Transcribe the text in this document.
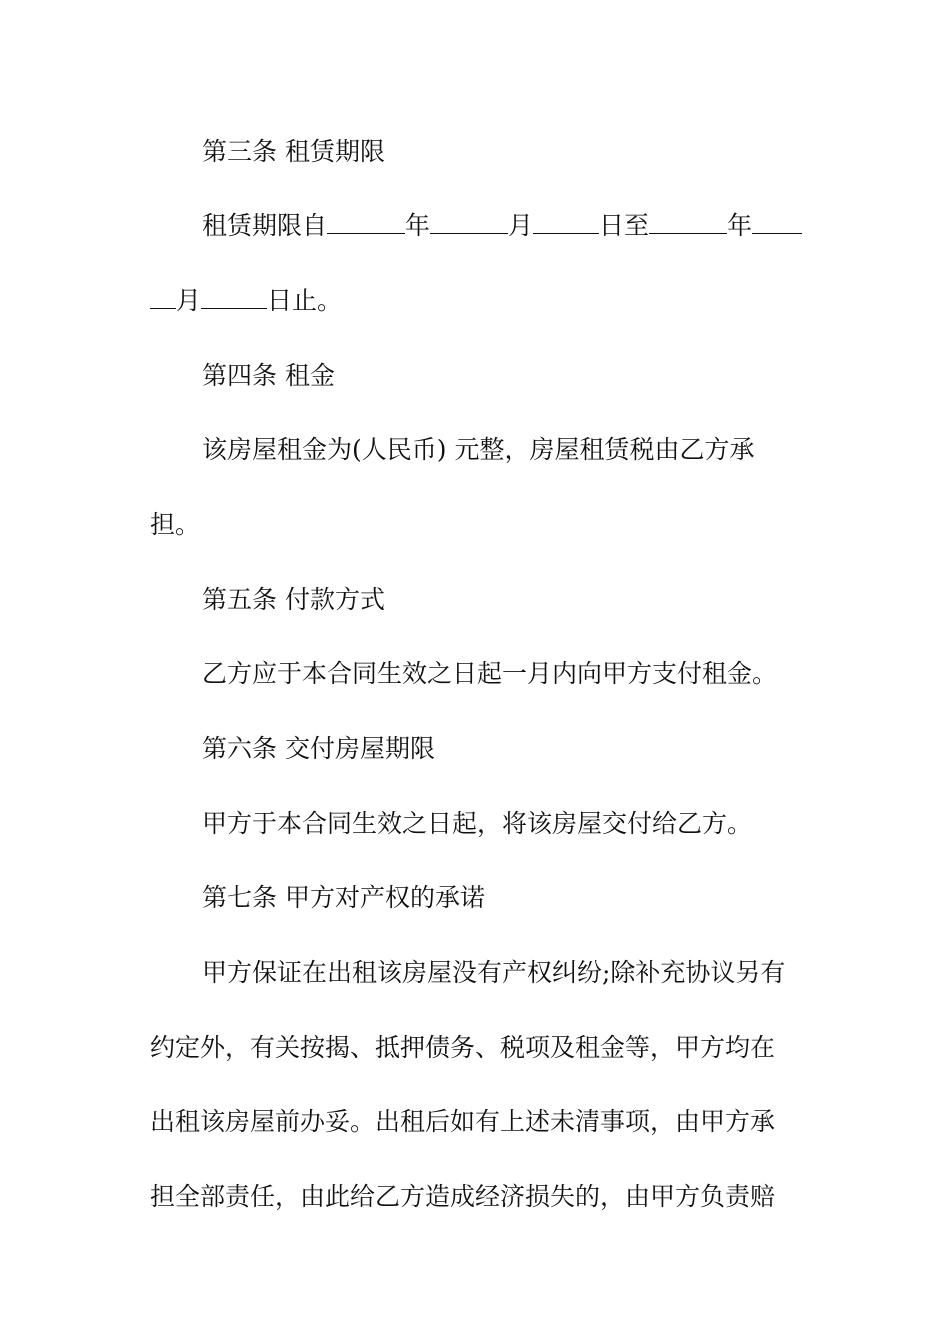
第三条 租赁期限
租赁期限自	年	月	日至	年
月	日止。
第四条 租金
该房屋租金为(人民币) 元整，房屋租赁税由乙方承
担。
第五条 付款方式
乙方应于本合同生效之日起一月内向甲方支付租金。
第六条 交付房屋期限
甲方于本合同生效之日起，将该房屋交付给乙方。
第七条 甲方对产权的承诺
甲方保证在出租该房屋没有产权纠纷;除补充协议另有
约定外，有关按揭、抵押债务、税项及租金等，甲方均在
出租该房屋前办妥。出租后如有上述未清事项，由甲方承
担全部责任，由此给乙方造成经济损失的，由甲方负责赔
